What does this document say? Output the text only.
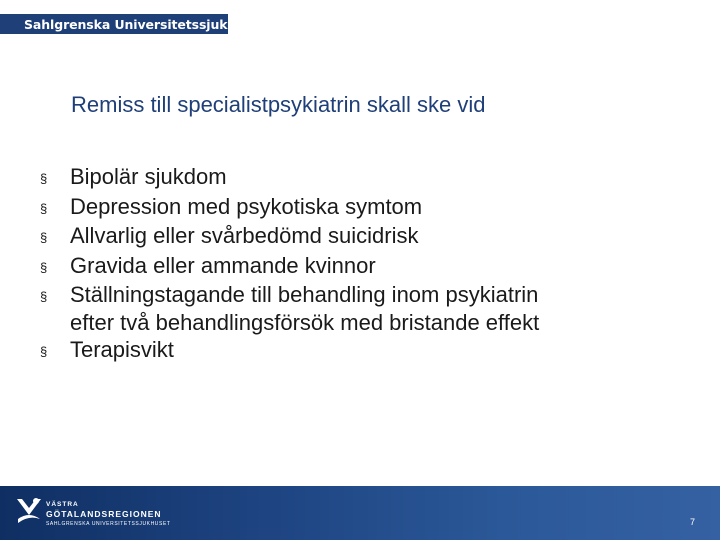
Sahlgrenska Universitetssjukhuset
Remiss till specialistpsykiatrin skall ske vid
§	Bipolär sjukdom
§	Depression med psykotiska symtom
§	Allvarlig eller svårbedömd suicidrisk
§	Gravida eller ammande kvinnor
§	Ställningstagande till behandling inom psykiatrin
efter två behandlingsförsök med bristande effekt
§	Terapisvikt
VÄSTRA
GÖTALANDSREGIONEN
SAHLGRENSKA UNIVERSITETSSJUKHUSET	7
